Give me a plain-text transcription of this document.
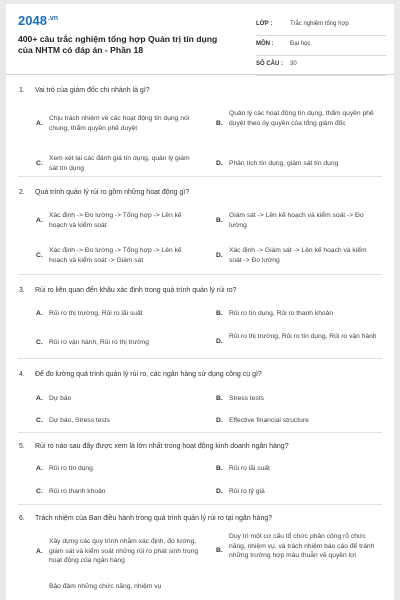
$2048^{.vn}$
400+ câu trắc nghiệm tổng hợp Quản trị tín dụng của NHTM có đáp án - Phần 18
LỚP :	Trắc nghiệm tổng hợp
MÔN :	Đại học
SỐ CÂU : 30
1. Vai trò của giám đốc chi nhánh là gì?
A.
Chịu trách nhiệm về các hoạt động tín dụng nói chung, thẩm quyền phê duyệt
B.
Quản lý các hoạt động tín dụng, thẩm quyền phê duyệt theo ủy quyền của tổng giám đốc
C.
Xem xét lại các đánh giá tín dụng, quản lý giám sát tín dụng
D. Phân tích tín dụng, giám sát tín dụng
2. Quá trình quản lý rủi ro gồm những hoạt động gì?
A.
Xác định -> Đo lường -> Tổng hợp -> Lên kế hoạch và kiểm soát
B.
Giám sát -> Lên kế hoạch và kiểm soát -> Đo lường
C.
Xác định -> Đo lường -> Tổng hợp -> Lên kế hoạch và kiểm soát -> Giám sát
D.
Xác định -> Giám sát -> Lên kế hoạch và kiểm soát -> Đo lường
3. Rủi ro liên quan đến khâu xác định trong quá trình quản lý rủi ro?
A. Rủi ro thị trường, Rủi ro lãi suất	B. Rủi ro tín dụng, Rủi ro thanh khoản
C. Rủi ro vận hành, Rủi ro thị trường	D.
Rủi ro thị trường, Rủi ro tín dụng, Rủi ro vận hành
4. Để đo lường quá trình quản lý rủi ro, các ngân hàng sử dụng công cụ gì?
A. Dự báo	B. Stress tests
C. Dự báo, Stress tests	D. Effective financial structure
5. Rủi ro nào sau đây được xem là lớn nhất trong hoạt động kinh doanh ngân hàng?
A. Rủi ro tín dụng	B. Rủi ro lãi suất
C. Rủi ro thanh khoản	D. Rủi ro tỷ giá
6. Trách nhiệm của Ban điều hành trong quá trình quản lý rủi ro tại ngân hàng?
A.
Xây dựng các quy trình nhằm xác định, đo lường, giám sát và kiểm soát những rủi ro phát sinh trong hoạt động của ngân hàng
B.
Duy trì một cơ cấu tổ chức phân công rõ chức năng, nhiệm vụ, và trách nhiệm báo cáo để tránh những trường hợp mâu thuẫn về quyền lợi
Bảo đảm những chức năng, nhiệm vụ
